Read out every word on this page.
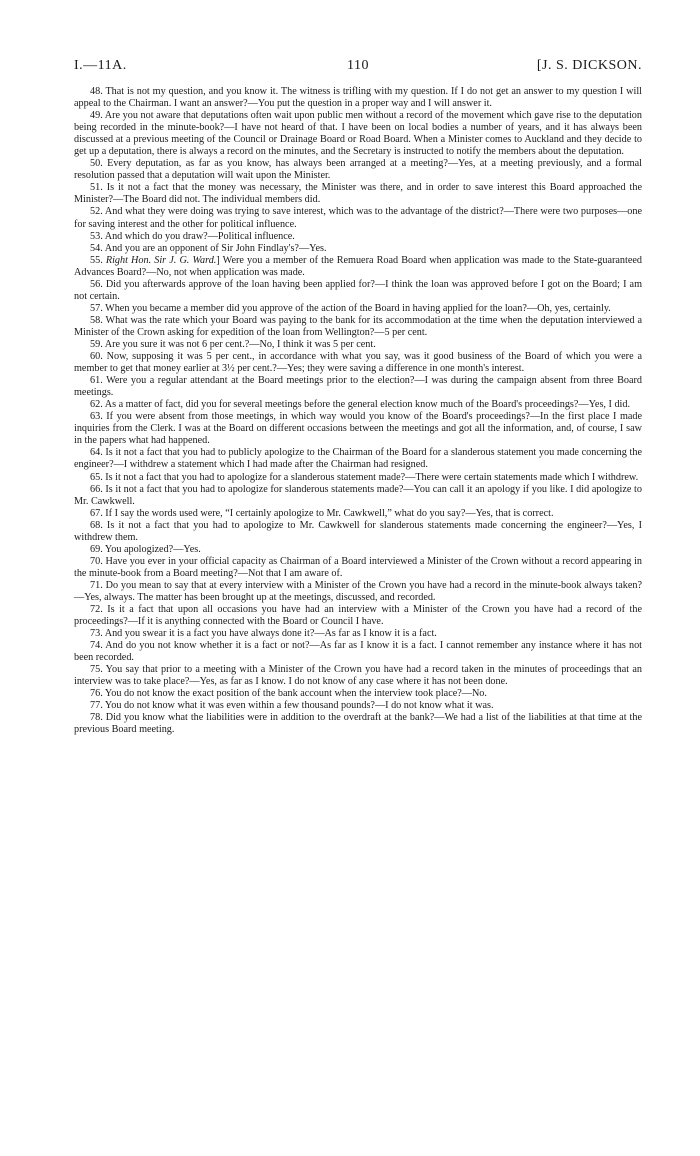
I.—11A.	110	[J. S. DICKSON.

48. That is not my question, and you know it. The witness is trifling with my question. If I do not get an answer to my question I will appeal to the Chairman. I want an answer?—You put the question in a proper way and I will answer it.

49. Are you not aware that deputations often wait upon public men without a record of the movement which gave rise to the deputation being recorded in the minute-book?—I have not heard of that. I have been on local bodies a number of years, and it has always been discussed at a previous meeting of the Council or Drainage Board or Road Board. When a Minister comes to Auckland and they decide to get up a deputation, there is always a record on the minutes, and the Secretary is instructed to notify the members about the deputation.

50. Every deputation, as far as you know, has always been arranged at a meeting?—Yes, at a meeting previously, and a formal resolution passed that a deputation will wait upon the Minister.

51. Is it not a fact that the money was necessary, the Minister was there, and in order to save interest this Board approached the Minister?—The Board did not. The individual members did.

52. And what they were doing was trying to save interest, which was to the advantage of the district?—There were two purposes—one for saving interest and the other for political influence.

53. And which do you draw?—Political influence.

54. And you are an opponent of Sir John Findlay's?—Yes.

55. Right Hon. Sir J. G. Ward.] Were you a member of the Remuera Road Board when application was made to the State-guaranteed Advances Board?—No, not when application was made.

56. Did you afterwards approve of the loan having been applied for?—I think the loan was approved before I got on the Board; I am not certain.

57. When you became a member did you approve of the action of the Board in having applied for the loan?—Oh, yes, certainly.

58. What was the rate which your Board was paying to the bank for its accommodation at the time when the deputation interviewed a Minister of the Crown asking for expedition of the loan from Wellington?—5 per cent.

59. Are you sure it was not 6 per cent.?—No, I think it was 5 per cent.

60. Now, supposing it was 5 per cent., in accordance with what you say, was it good business of the Board of which you were a member to get that money earlier at 3½ per cent.?—Yes; they were saving a difference in one month's interest.

61. Were you a regular attendant at the Board meetings prior to the election?—I was during the campaign absent from three Board meetings.

62. As a matter of fact, did you for several meetings before the general election know much of the Board's proceedings?—Yes, I did.

63. If you were absent from those meetings, in which way would you know of the Board's proceedings?—In the first place I made inquiries from the Clerk. I was at the Board on different occasions between the meetings and got all the information, and, of course, I saw in the papers what had happened.

64. Is it not a fact that you had to publicly apologize to the Chairman of the Board for a slanderous statement you made concerning the engineer?—I withdrew a statement which I had made after the Chairman had resigned.

65. Is it not a fact that you had to apologize for a slanderous statement made?—There were certain statements made which I withdrew.

66. Is it not a fact that you had to apologize for slanderous statements made?—You can call it an apology if you like. I did apologize to Mr. Cawkwell.

67. If I say the words used were, “I certainly apologize to Mr. Cawkwell,” what do you say?—Yes, that is correct.

68. Is it not a fact that you had to apologize to Mr. Cawkwell for slanderous statements made concerning the engineer?—Yes, I withdrew them.

69. You apologized?—Yes.

70. Have you ever in your official capacity as Chairman of a Board interviewed a Minister of the Crown without a record appearing in the minute-book from a Board meeting?—Not that I am aware of.

71. Do you mean to say that at every interview with a Minister of the Crown you have had a record in the minute-book always taken?—Yes, always. The matter has been brought up at the meetings, discussed, and recorded.

72. Is it a fact that upon all occasions you have had an interview with a Minister of the Crown you have had a record of the proceedings?—If it is anything connected with the Board or Council I have.

73. And you swear it is a fact you have always done it?—As far as I know it is a fact.

74. And do you not know whether it is a fact or not?—As far as I know it is a fact. I cannot remember any instance where it has not been recorded.

75. You say that prior to a meeting with a Minister of the Crown you have had a record taken in the minutes of proceedings that an interview was to take place?—Yes, as far as I know. I do not know of any case where it has not been done.

76. You do not know the exact position of the bank account when the interview took place?—No.

77. You do not know what it was even within a few thousand pounds?—I do not know what it was.

78. Did you know what the liabilities were in addition to the overdraft at the bank?—We had a list of the liabilities at that time at the previous Board meeting.
